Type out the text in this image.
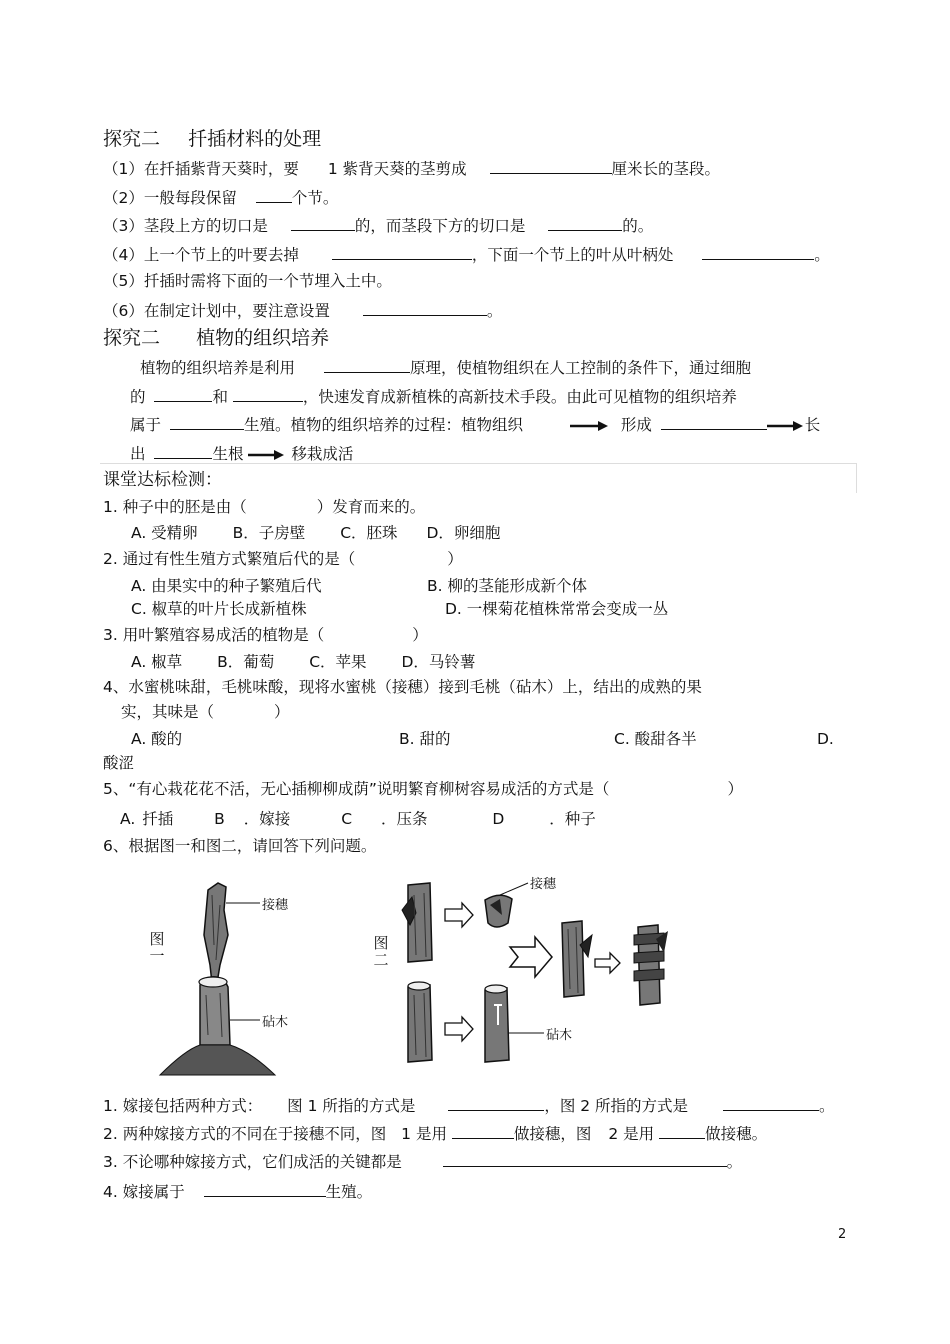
探究二 扦插材料的处理
（1）在扦插紫背天葵时，要 1 紫背天葵的茎剪成	厘米长的茎段。
（2）一般每段保留	个节。
（3）茎段上方的切口是	的，而茎段下方的切口是	的。
（4）上一个节上的叶要去掉	，下面一个节上的叶从叶柄处	。
（5）扦插时需将下面的一个节埋入土中。
（6）在制定计划中，要注意设置	。
探究二 植物的组织培养
植物的组织培养是利用	原理，使植物组织在人工控制的条件下，通过细胞
的	和	，快速发育成新植株的高新技术手段。由此可见植物的组织培养
属于	生殖。植物的组织培养的过程：植物组织	形成	长
出	生根	移栽成活
课堂达标检测：
1. 种子中的胚是由（	）发育而来的。
A. 受精卵 B．子房壁 C．胚珠 D．卵细胞
2. 通过有性生殖方式繁殖后代的是（	）
A. 由果实中的种子繁殖后代	B. 柳的茎能形成新个体
C. 椒草的叶片长成新植株	D. 一棵菊花植株常常会变成一丛
3. 用叶繁殖容易成活的植物是（	）
A. 椒草 B．葡萄 C．苹果 D．马铃薯
4、水蜜桃味甜，毛桃味酸，现将水蜜桃（接穗）接到毛桃（砧木）上，结出的成熟的果
实，其味是（	）
A. 酸的	B. 甜的	C. 酸甜各半	D.
酸涩
5、“有心栽花花不活，无心插柳柳成荫”说明繁育柳树容易成活的方式是（	）
A. 扦插	B ．嫁接	C ．压条	D	．种子
6、根据图一和图二，请回答下列问题。
图一
图二
接穗
砧木
接穗
砧木
1. 嫁接包括两种方式： 图 1 所指的方式是	，图 2 所指的方式是	。
2. 两种嫁接方式的不同在于接穗不同，图 1 是用	做接穗，图 2 是用	做接穗。
3. 不论哪种嫁接方式，它们成活的关键都是	。
4. 嫁接属于	生殖。
2
